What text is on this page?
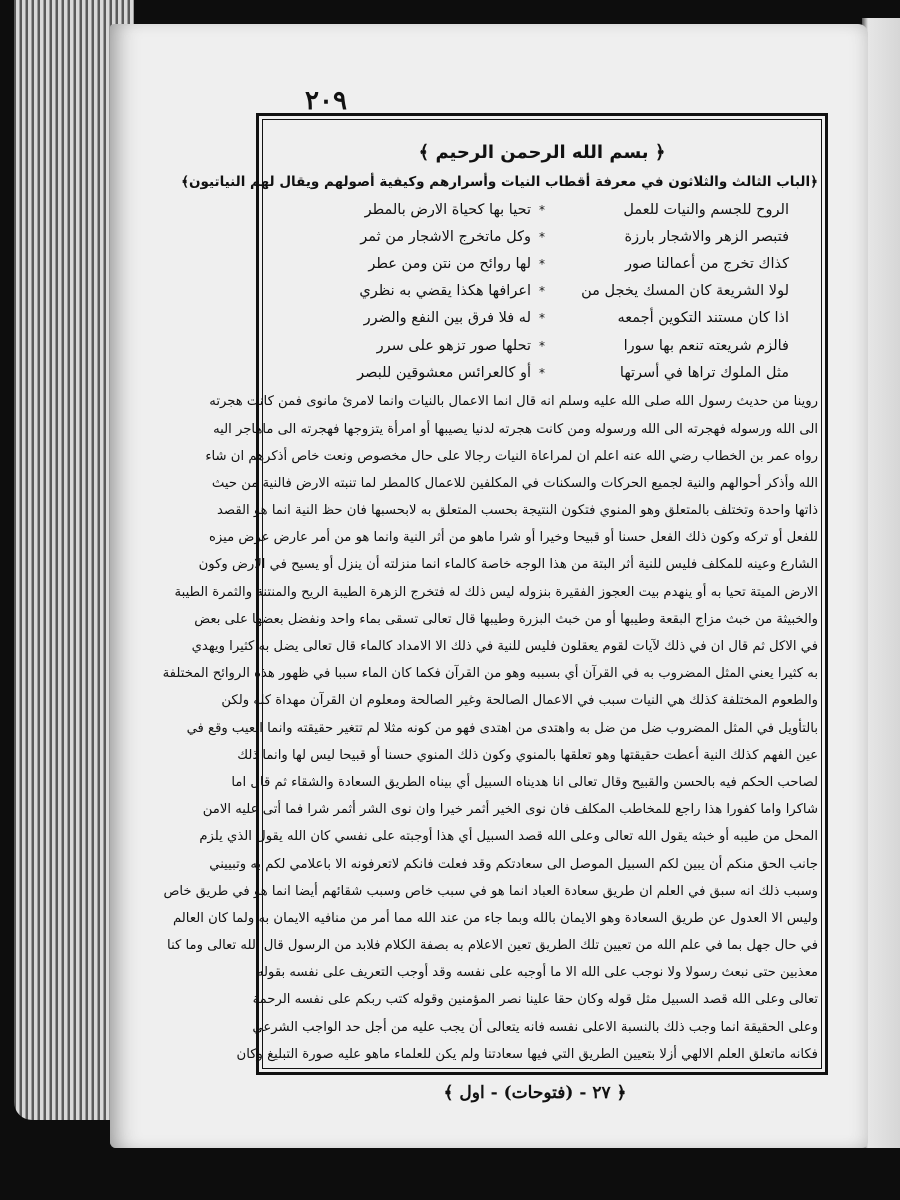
٢٠٩
﴿ بسم الله الرحمن الرحيم ﴾
﴿الباب الثالث والثلاثون في معرفة أقطاب النيات وأسرارهم وكيفية أصولهم ويقال لهم النياتيون﴾
الروح للجسم والنيات للعمل
*
تحيا بها كحياة الارض بالمطر
فتبصر الزهر والاشجار بارزة
*
وكل ماتخرج الاشجار من ثمر
كذاك تخرج من أعمالنا صور
*
لها روائح من نتن ومن عطر
لولا الشريعة كان المسك يخجل من
*
اعرافها هكذا يقضي به نظري
اذا كان مستند التكوين أجمعه
*
له فلا فرق بين النفع والضرر
فالزم شريعته تنعم بها سورا
*
تحلها صور تزهو على سرر
مثل الملوك تراها في أسرتها
*
أو كالعرائس معشوقين للبصر
روينا من حديث رسول الله صلى الله عليه وسلم انه قال انما الاعمال بالنيات وانما لامرئ مانوى فمن كانت هجرته
الى الله ورسوله فهجرته الى الله ورسوله ومن كانت هجرته لدنيا يصيبها أو امرأة يتزوجها فهجرته الى ماهاجر اليه
رواه عمر بن الخطاب رضي الله عنه اعلم ان لمراعاة النيات رجالا على حال مخصوص ونعت خاص أذكرهم ان شاء
الله وأذكر أحوالهم والنية لجميع الحركات والسكنات في المكلفين للاعمال كالمطر لما تنبته الارض فالنية من حيث
ذاتها واحدة وتختلف بالمتعلق وهو المنوي فتكون النتيجة بحسب المتعلق به لابحسبها فان حظ النية انما هو القصد
للفعل أو تركه وكون ذلك الفعل حسنا أو قبيحا وخيرا أو شرا ماهو من أثر النية وانما هو من أمر عارض عرض ميزه
الشارع وعينه للمكلف فليس للنية أثر البتة من هذا الوجه خاصة كالماء انما منزلته أن ينزل أو يسيح في الارض وكون
الارض الميتة تحيا به أو ينهدم بيت العجوز الفقيرة بنزوله ليس ذلك له فتخرج الزهرة الطيبة الريح والمنتنة والثمرة الطيبة
والخبيثة من خبث مزاج البقعة وطيبها أو من خبث البزرة وطيبها قال تعالى تسقى بماء واحد ونفضل بعضها على بعض
في الاكل ثم قال ان في ذلك لآيات لقوم يعقلون فليس للنية في ذلك الا الامداد كالماء قال تعالى يضل به كثيرا ويهدي
به كثيرا يعني المثل المضروب به في القرآن أي بسببه وهو من القرآن فكما كان الماء سببا في ظهور هذه الروائح المختلفة
والطعوم المختلفة كذلك هي النيات سبب في الاعمال الصالحة وغير الصالحة ومعلوم ان القرآن مهداة كله ولكن
بالتأويل في المثل المضروب ضل من ضل به واهتدى من اهتدى فهو من كونه مثلا لم تتغير حقيقته وانما العيب وقع في
عين الفهم كذلك النية أعطت حقيقتها وهو تعلقها بالمنوي وكون ذلك المنوي حسنا أو قبيحا ليس لها وانما ذلك
لصاحب الحكم فيه بالحسن والقبيح وقال تعالى انا هديناه السبيل أي بيناه الطريق السعادة والشقاء ثم قال اما
شاكرا واما كفورا هذا راجع للمخاطب المكلف فان نوى الخير أثمر خيرا وان نوى الشر أثمر شرا فما أتى عليه الامن
المحل من طيبه أو خبثه يقول الله تعالى وعلى الله قصد السبيل أي هذا أوجبته على نفسي كان الله يقول الذي يلزم
جانب الحق منكم أن يبين لكم السبيل الموصل الى سعادتكم وقد فعلت فانكم لاتعرفونه الا باعلامي لكم به وتبييني
وسبب ذلك انه سبق في العلم ان طريق سعادة العباد انما هو في سبب خاص وسبب شقائهم أيضا انما هو في طريق خاص
وليس الا العدول عن طريق السعادة وهو الايمان بالله وبما جاء من عند الله مما أمر من منافيه الايمان به ولما كان العالم
في حال جهل بما في علم الله من تعيين تلك الطريق تعين الاعلام به بصفة الكلام فلابد من الرسول قال الله تعالى وما كنا
معذبين حتى نبعث رسولا ولا نوجب على الله الا ما أوجبه على نفسه وقد أوجب التعريف على نفسه بقوله
تعالى وعلى الله قصد السبيل مثل قوله وكان حقا علينا نصر المؤمنين وقوله كتب ربكم على نفسه الرحمة
وعلى الحقيقة انما وجب ذلك بالنسبة الاعلى نفسه فانه يتعالى أن يجب عليه من أجل حد الواجب الشرعي
فكانه ماتعلق العلم الالهي أزلا بتعيين الطريق التي فيها سعادتنا ولم يكن للعلماء ماهو عليه صورة التبليغ وكان
﴿ ٢٧ - (فتوحات) - اول ﴾
